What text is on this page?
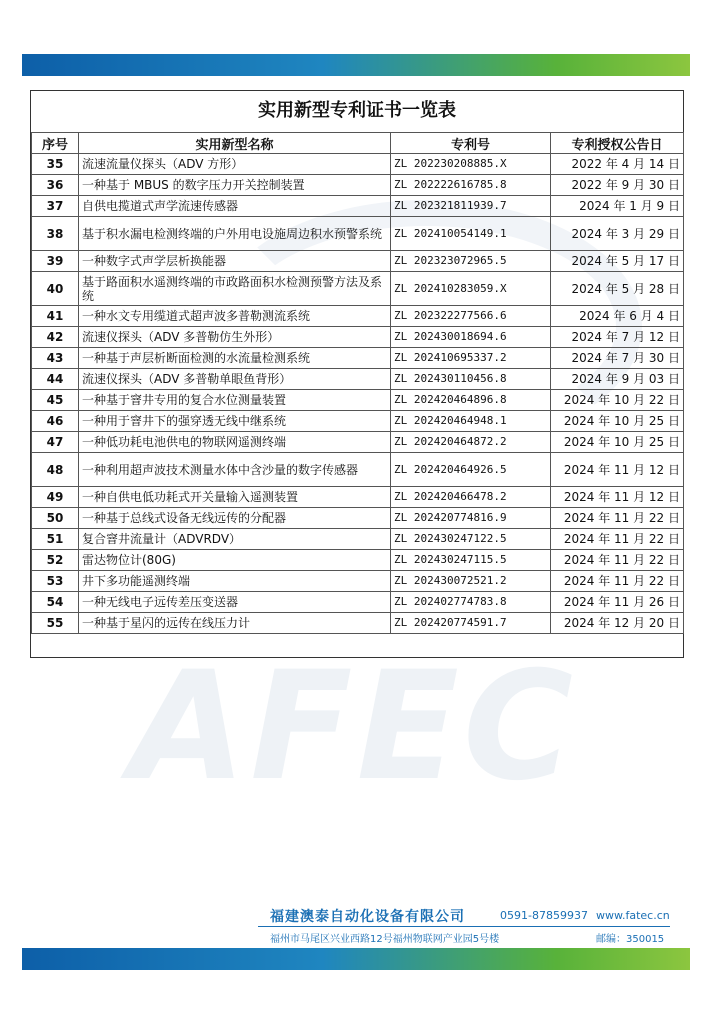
AFEC
实用新型专利证书一览表
序号	实用新型名称	专利号	专利授权公告日
35	流速流量仪探头（ADV 方形）	ZL 202230208885.X	2022 年 4 月 14 日
36	一种基于 MBUS 的数字压力开关控制装置	ZL 202222616785.8	2022 年 9 月 30 日
37	自供电揽道式声学流速传感器	ZL 202321811939.7	2024 年 1 月 9 日
38	基于积水漏电检测终端的户外用电设施周边积水预警系统	ZL 202410054149.1	2024 年 3 月 29 日
39	一种数字式声学层析换能器	ZL 202323072965.5	2024 年 5 月 17 日
40	基于路面积水遥测终端的市政路面积水检测预警方法及系统	ZL 202410283059.X	2024 年 5 月 28 日
41	一种水文专用缆道式超声波多普勒测流系统	ZL 202322277566.6	2024 年 6 月 4 日
42	流速仪探头（ADV 多普勒仿生外形）	ZL 202430018694.6	2024 年 7 月 12 日
43	一种基于声层析断面检测的水流量检测系统	ZL 202410695337.2	2024 年 7 月 30 日
44	流速仪探头（ADV 多普勒单眼鱼背形）	ZL 202430110456.8	2024 年 9 月 03 日
45	一种基于窨井专用的复合水位测量装置	ZL 202420464896.8	2024 年 10 月 22 日
46	一种用于窨井下的强穿透无线中继系统	ZL 202420464948.1	2024 年 10 月 25 日
47	一种低功耗电池供电的物联网遥测终端	ZL 202420464872.2	2024 年 10 月 25 日
48	一种利用超声波技术测量水体中含沙量的数字传感器	ZL 202420464926.5	2024 年 11 月 12 日
49	一种自供电低功耗式开关量输入遥测装置	ZL 202420466478.2	2024 年 11 月 12 日
50	一种基于总线式设备无线远传的分配器	ZL 202420774816.9	2024 年 11 月 22 日
51	复合窨井流量计（ADVRDV）	ZL 202430247122.5	2024 年 11 月 22 日
52	雷达物位计(80G)	ZL 202430247115.5	2024 年 11 月 22 日
53	井下多功能遥测终端	ZL 202430072521.2	2024 年 11 月 22 日
54	一种无线电子远传差压变送器	ZL 202402774783.8	2024 年 11 月 26 日
55	一种基于星闪的远传在线压力计	ZL 202420774591.7	2024 年 12 月 20 日
福建澳泰自动化设备有限公司	0591-87859937 www.fatec.cn
福州市马尾区兴业西路12号福州物联网产业园5号楼	邮编：350015
